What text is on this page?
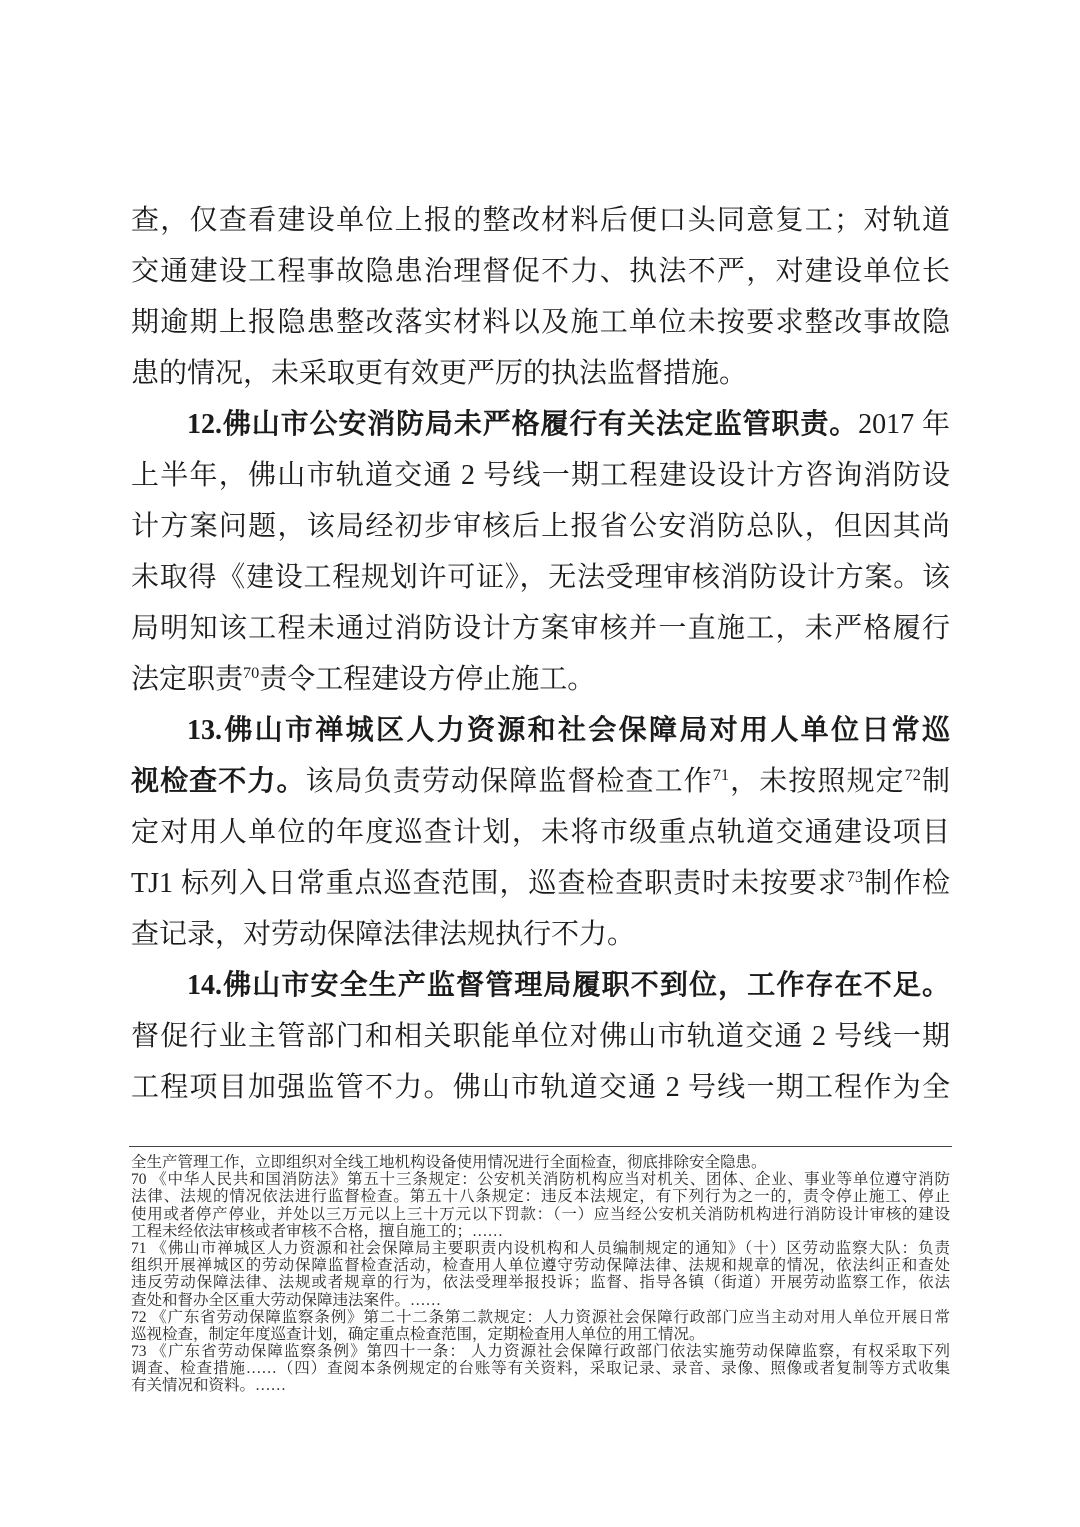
查，仅查看建设单位上报的整改材料后便口头同意复工；对轨道
交通建设工程事故隐患治理督促不力、执法不严，对建设单位长
期逾期上报隐患整改落实材料以及施工单位未按要求整改事故隐
患的情况，未采取更有效更严厉的执法监督措施。
12.佛山市公安消防局未严格履行有关法定监管职责。2017 年
上半年，佛山市轨道交通 2 号线一期工程建设设计方咨询消防设
计方案问题，该局经初步审核后上报省公安消防总队，但因其尚
未取得《建设工程规划许可证》，无法受理审核消防设计方案。该
局明知该工程未通过消防设计方案审核并一直施工，未严格履行
法定职责$^{70}$责令工程建设方停止施工。
13.佛山市禅城区人力资源和社会保障局对用人单位日常巡
视检查不力。该局负责劳动保障监督检查工作$^{71}$，未按照规定$^{72}$制
定对用人单位的年度巡查计划，未将市级重点轨道交通建设项目
TJ1 标列入日常重点巡查范围，巡查检查职责时未按要求$^{73}$制作检
查记录，对劳动保障法律法规执行不力。
14.佛山市安全生产监督管理局履职不到位，工作存在不足。
督促行业主管部门和相关职能单位对佛山市轨道交通 2 号线一期
工程项目加强监管不力。佛山市轨道交通 2 号线一期工程作为全
全生产管理工作，立即组织对全线工地机构设备使用情况进行全面检查，彻底排除安全隐患。
70 《中华人民共和国消防法》第五十三条规定：公安机关消防机构应当对机关、团体、企业、事业等单位遵守消防
法律、法规的情况依法进行监督检查。第五十八条规定：违反本法规定，有下列行为之一的，责令停止施工、停止
使用或者停产停业，并处以三万元以上三十万元以下罚款：（一）应当经公安机关消防机构进行消防设计审核的建设
工程未经依法审核或者审核不合格，擅自施工的；……
71 《佛山市禅城区人力资源和社会保障局主要职责内设机构和人员编制规定的通知》（十）区劳动监察大队：负责
组织开展禅城区的劳动保障监督检查活动，检查用人单位遵守劳动保障法律、法规和规章的情况，依法纠正和查处
违反劳动保障法律、法规或者规章的行为，依法受理举报投诉；监督、指导各镇（街道）开展劳动监察工作，依法
查处和督办全区重大劳动保障违法案件。……
72 《广东省劳动保障监察条例》第二十二条第二款规定：人力资源社会保障行政部门应当主动对用人单位开展日常
巡视检查，制定年度巡查计划，确定重点检查范围，定期检查用人单位的用工情况。
73 《广东省劳动保障监察条例》第四十一条： 人力资源社会保障行政部门依法实施劳动保障监察，有权采取下列
调查、检查措施……（四）查阅本条例规定的台账等有关资料，采取记录、录音、录像、照像或者复制等方式收集
有关情况和资料。……
